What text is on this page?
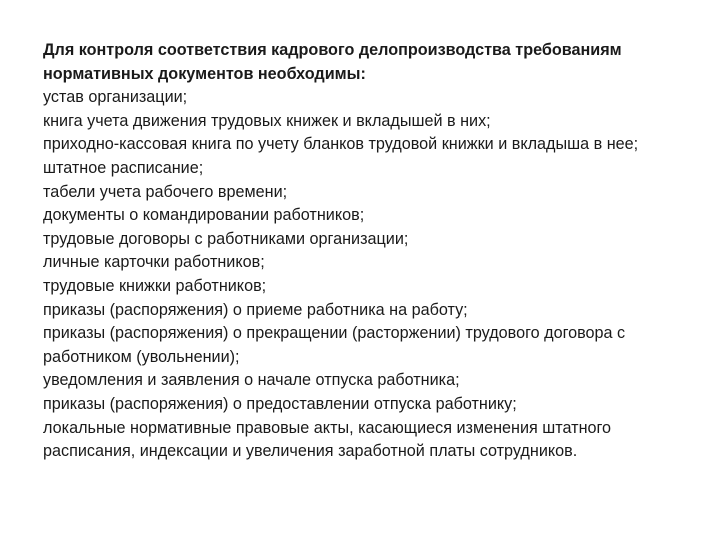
Для контроля соответствия кадрового делопроизводства требованиям нормативных документов необходимы:

устав организации;

книга учета движения трудовых книжек и вкладышей в них;

приходно-кассовая книга по учету бланков трудовой книжки и вкладыша в нее;

штатное расписание;

табели учета рабочего времени;

документы о командировании работников;

трудовые договоры с работниками организации;

личные карточки работников;

трудовые книжки работников;

приказы (распоряжения) о приеме работника на работу;

приказы (распоряжения) о прекращении (расторжении) трудового договора с работником (увольнении);

уведомления и заявления о начале отпуска работника;

приказы (распоряжения) о предоставлении отпуска работнику;

локальные нормативные правовые акты, касающиеся изменения штатного расписания, индексации и увеличения заработной платы сотрудников.
